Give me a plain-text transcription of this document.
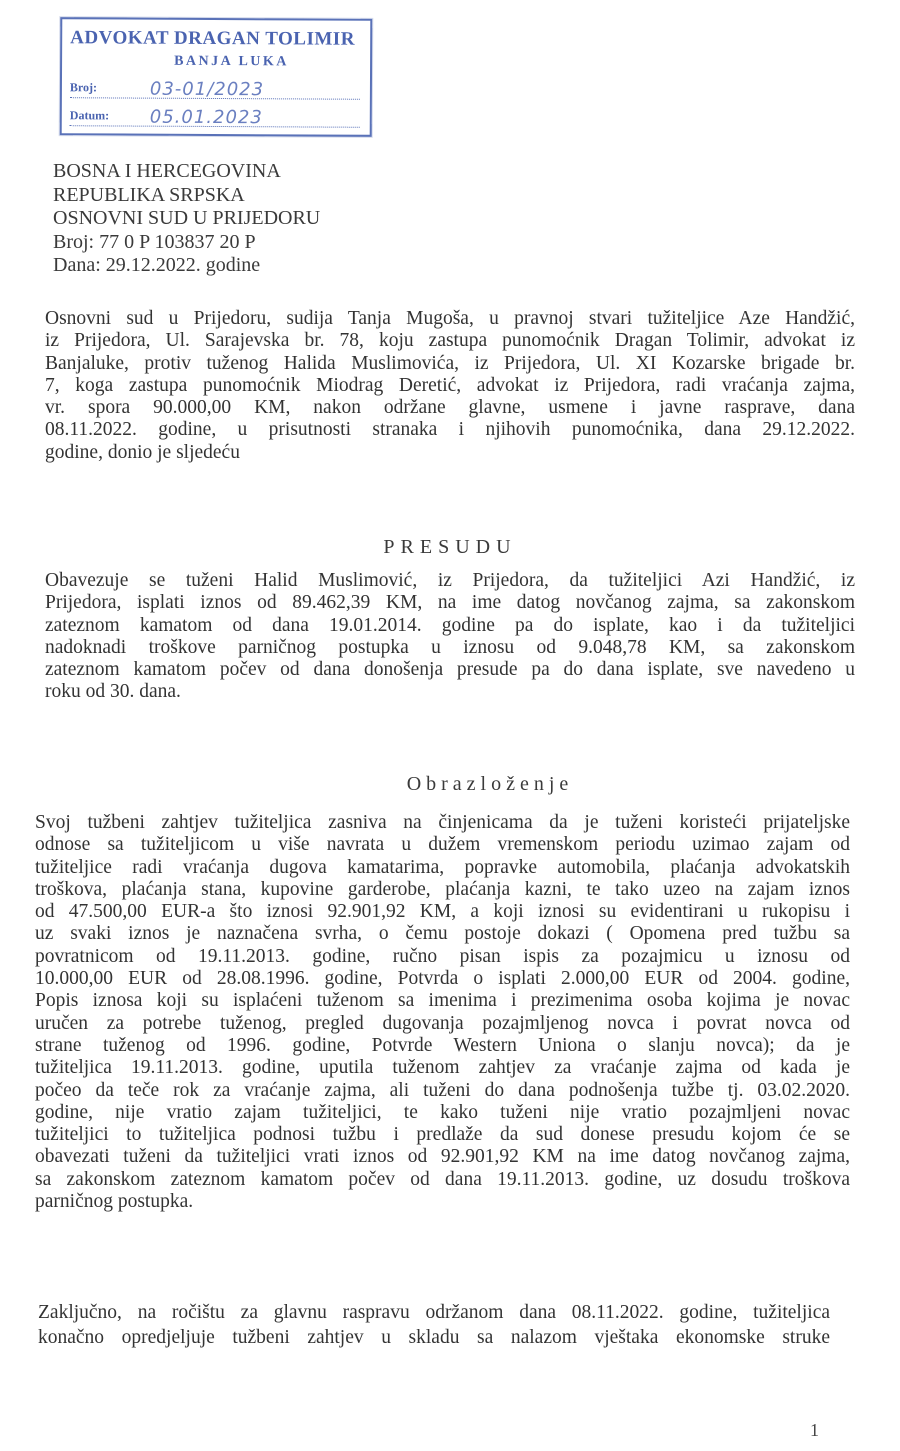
ADVOKAT DRAGAN TOLIMIR
BANJA LUKA
Broj:	03-01/2023
Datum: 05.01.2023
BOSNA I HERCEGOVINA
REPUBLIKA SRPSKA
OSNOVNI SUD U PRIJEDORU
Broj: 77 0 P 103837 20 P
Dana: 29.12.2022. godine
Osnovni sud u Prijedoru, sudija Tanja Mugoša, u pravnoj stvari tužiteljice Aze Handžić,
iz Prijedora, Ul. Sarajevska br. 78, koju zastupa punomoćnik Dragan Tolimir, advokat iz
Banjaluke, protiv tuženog Halida Muslimovića, iz Prijedora, Ul. XI Kozarske brigade br.
7, koga zastupa punomoćnik Miodrag Deretić, advokat iz Prijedora, radi vraćanja zajma,
vr. spora 90.000,00 KM, nakon održane glavne, usmene i javne rasprave, dana
08.11.2022. godine, u prisutnosti stranaka i njihovih punomoćnika, dana 29.12.2022.
godine, donio je sljedeću
PRESUDU
Obavezuje se tuženi Halid Muslimović, iz Prijedora, da tužiteljici Azi Handžić, iz
Prijedora, isplati iznos od 89.462,39 KM, na ime datog novčanog zajma, sa zakonskom
zateznom kamatom od dana 19.01.2014. godine pa do isplate, kao i da tužiteljici
nadoknadi troškove parničnog postupka u iznosu od 9.048,78 KM, sa zakonskom
zateznom kamatom počev od dana donošenja presude pa do dana isplate, sve navedeno u
roku od 30. dana.
Obrazloženje
Svoj tužbeni zahtjev tužiteljica zasniva na činjenicama da je tuženi koristeći prijateljske
odnose sa tužiteljicom u više navrata u dužem vremenskom periodu uzimao zajam od
tužiteljice radi vraćanja dugova kamatarima, popravke automobila, plaćanja advokatskih
troškova, plaćanja stana, kupovine garderobe, plaćanja kazni, te tako uzeo na zajam iznos
od 47.500,00 EUR-a što iznosi 92.901,92 KM, a koji iznosi su evidentirani u rukopisu i
uz svaki iznos je naznačena svrha, o čemu postoje dokazi ( Opomena pred tužbu sa
povratnicom od 19.11.2013. godine, ručno pisan ispis za pozajmicu u iznosu od
10.000,00 EUR od 28.08.1996. godine, Potvrda o isplati 2.000,00 EUR od 2004. godine,
Popis iznosa koji su isplaćeni tuženom sa imenima i prezimenima osoba kojima je novac
uručen za potrebe tuženog, pregled dugovanja pozajmljenog novca i povrat novca od
strane tuženog od 1996. godine, Potvrde Western Uniona o slanju novca); da je
tužiteljica 19.11.2013. godine, uputila tuženom zahtjev za vraćanje zajma od kada je
počeo da teče rok za vraćanje zajma, ali tuženi do dana podnošenja tužbe tj. 03.02.2020.
godine, nije vratio zajam tužiteljici, te kako tuženi nije vratio pozajmljeni novac
tužiteljici to tužiteljica podnosi tužbu i predlaže da sud donese presudu kojom će se
obavezati tuženi da tužiteljici vrati iznos od 92.901,92 KM na ime datog novčanog zajma,
sa zakonskom zateznom kamatom počev od dana 19.11.2013. godine, uz dosudu troškova
parničnog postupka.
Zaključno, na ročištu za glavnu raspravu održanom dana 08.11.2022. godine, tužiteljica
konačno opredjeljuje tužbeni zahtjev u skladu sa nalazom vještaka ekonomske struke
1
